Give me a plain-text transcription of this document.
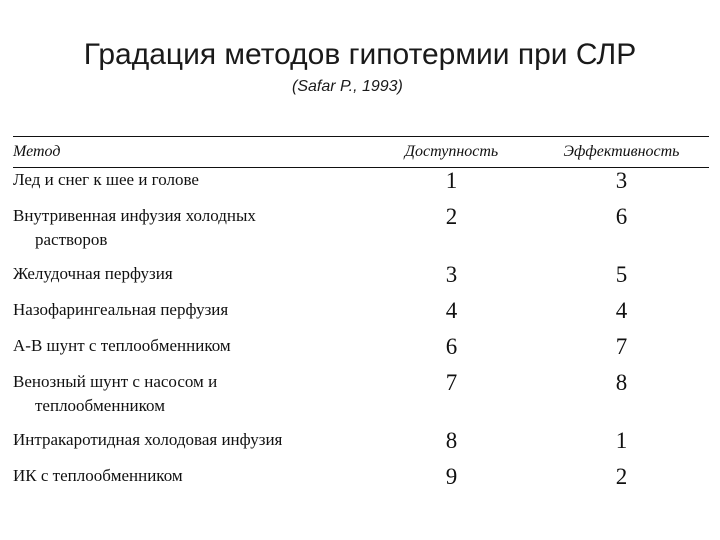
Градация методов гипотермии при СЛР
(Safar P., 1993)
Метод	Доступность	Эффективность
Лед и снег к шее и голове	1	3
Внутривенная инфузия холодных
растворов	2	6
Желудочная перфузия	3	5
Назофарингеальная перфузия	4	4
А-В шунт с теплообменником	6	7
Венозный шунт с насосом и
теплообменником	7	8
Интракаротидная холодовая инфузия	8	1
ИК с теплообменником	9	2
